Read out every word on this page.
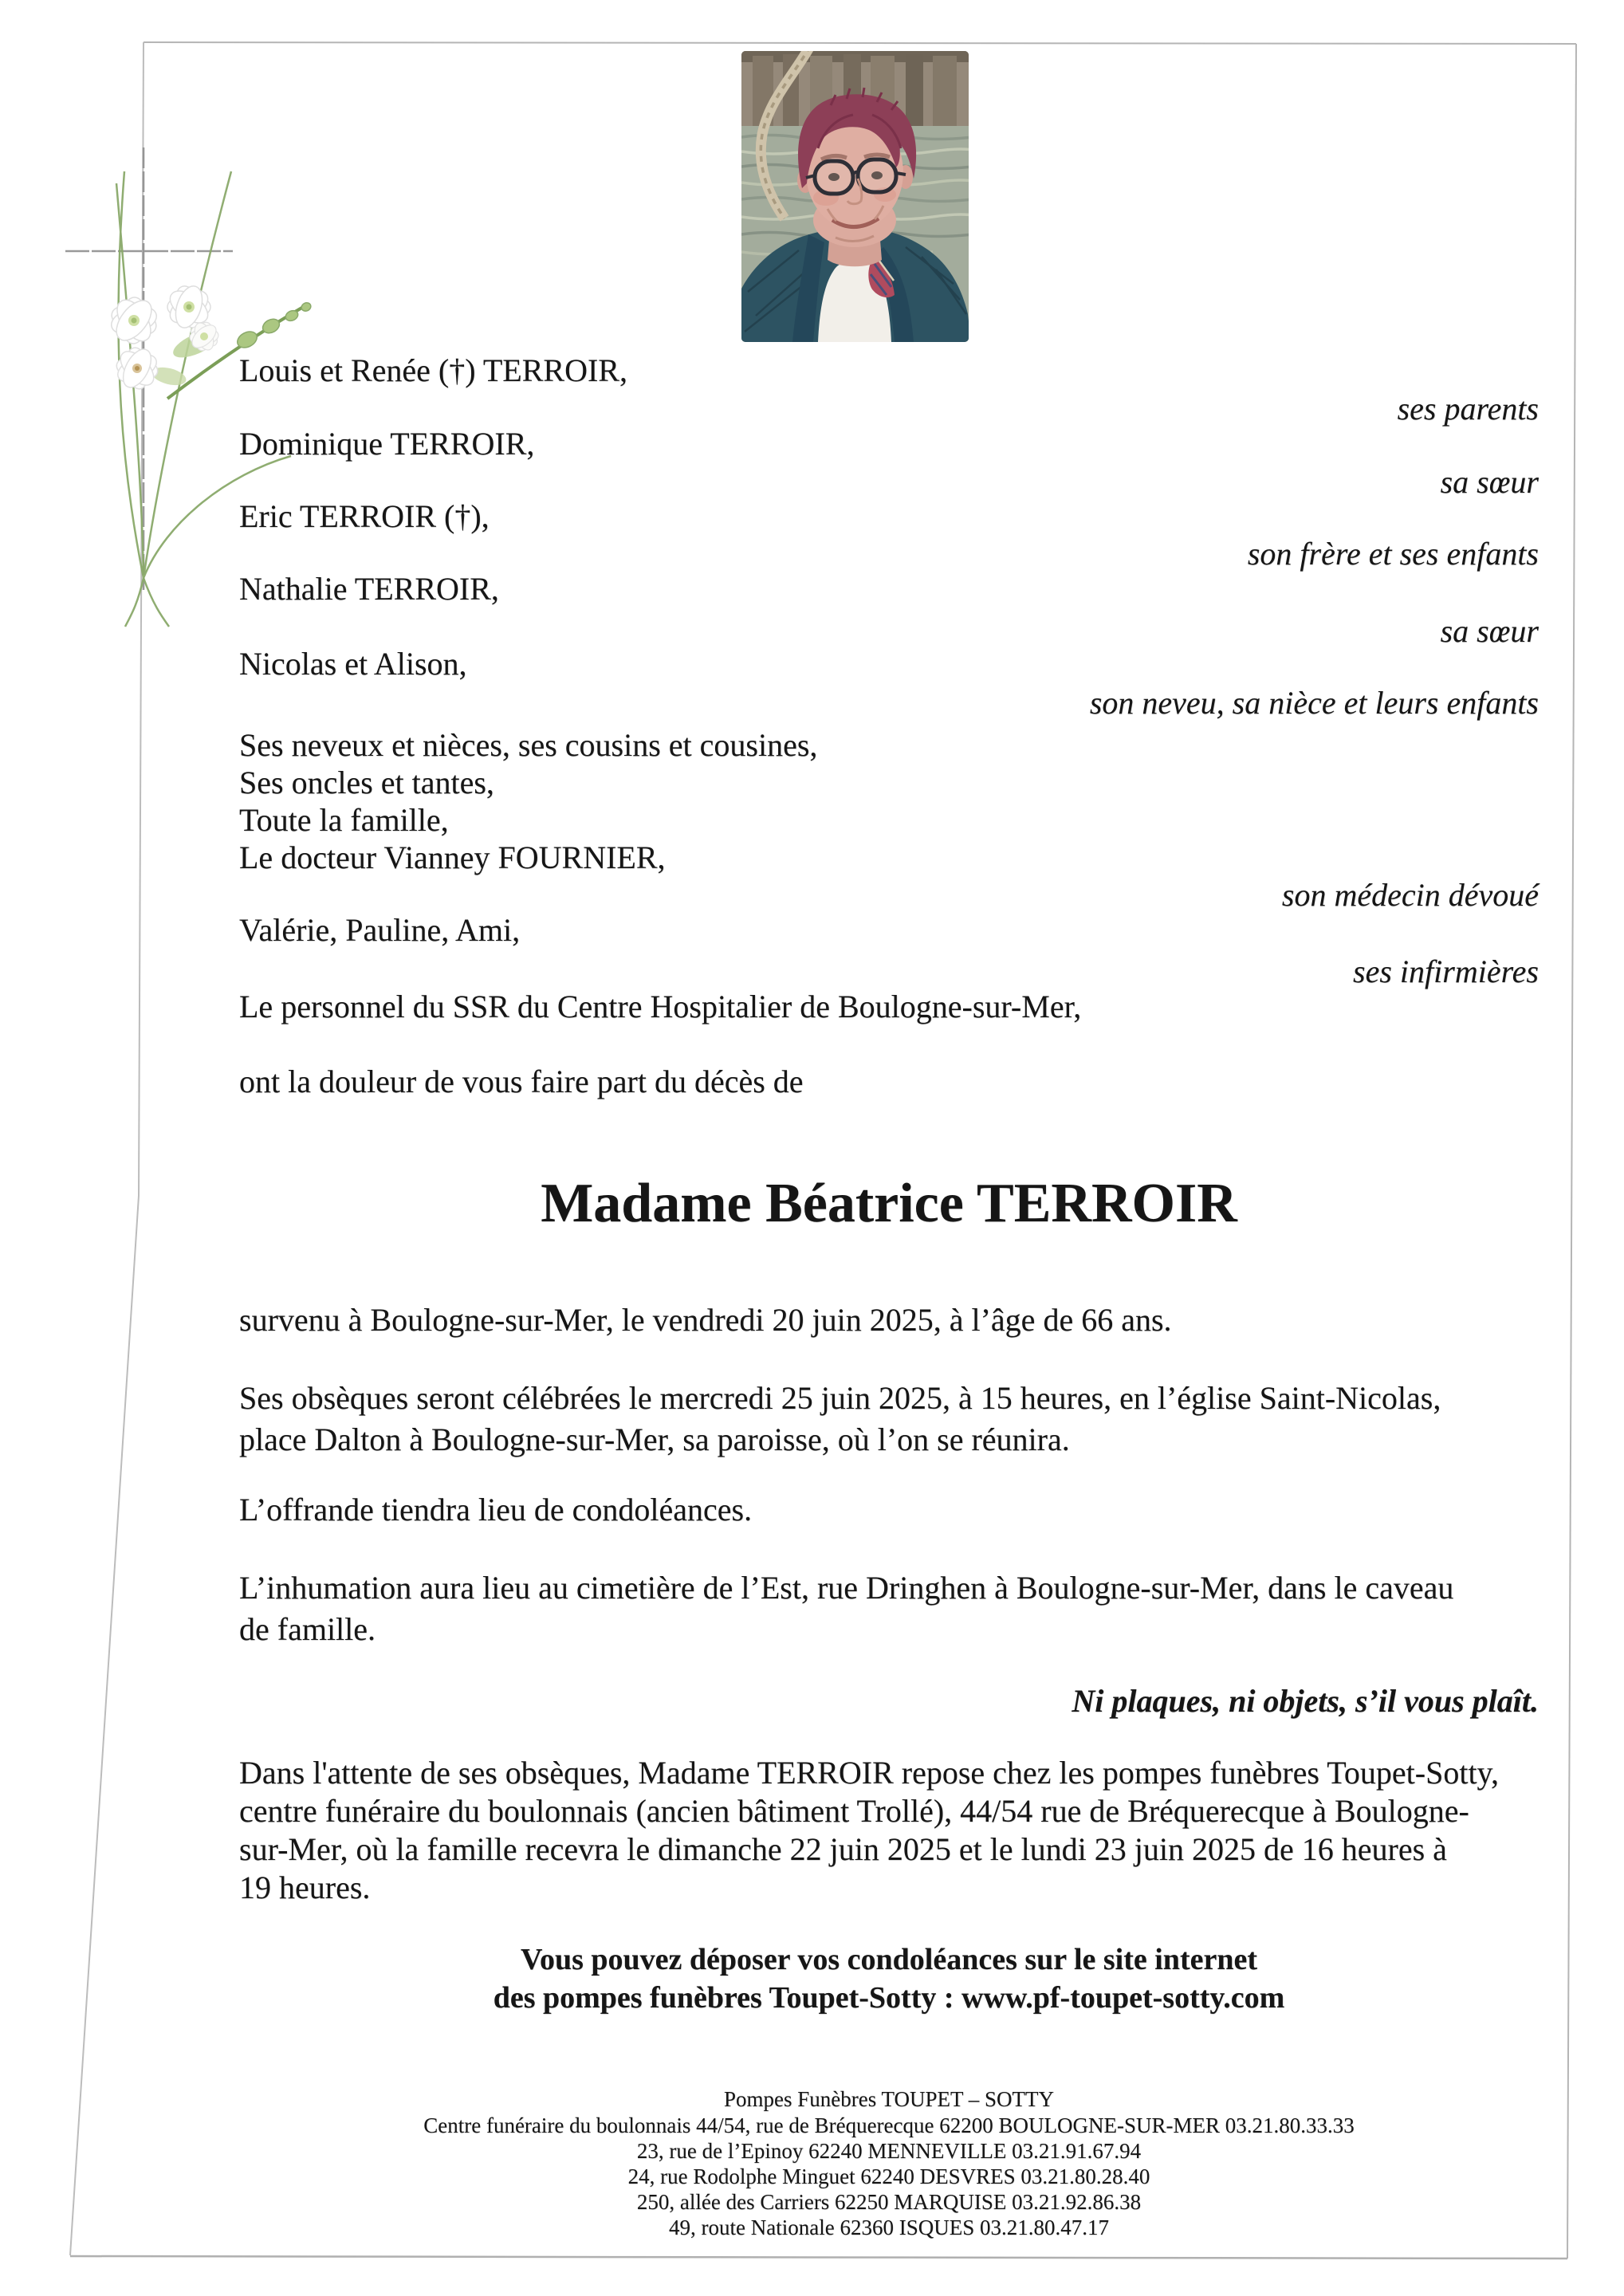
Louis et Renée (†) TERROIR,
ses parents
Dominique TERROIR,
sa sœur
Eric TERROIR (†),
son frère et ses enfants
Nathalie TERROIR,
sa sœur
Nicolas et Alison,
son neveu, sa nièce et leurs enfants
Ses neveux et nièces, ses cousins et cousines,
Ses oncles et tantes,
Toute la famille,
Le docteur Vianney FOURNIER,
son médecin dévoué
Valérie, Pauline, Ami,
ses infirmières
Le personnel du SSR du Centre Hospitalier de Boulogne-sur-Mer,
ont la douleur de vous faire part du décès de
Madame Béatrice TERROIR
survenu à Boulogne-sur-Mer, le vendredi 20 juin 2025, à l’âge de 66 ans.
Ses obsèques seront célébrées le mercredi 25 juin 2025, à 15 heures, en l’église Saint-Nicolas,
place Dalton à Boulogne-sur-Mer, sa paroisse, où l’on se réunira.
L’offrande tiendra lieu de condoléances.
L’inhumation aura lieu au cimetière de l’Est, rue Dringhen à Boulogne-sur-Mer, dans le caveau
de famille.
Ni plaques, ni objets, s’il vous plaît.
Dans l'attente de ses obsèques, Madame TERROIR repose chez les pompes funèbres Toupet-Sotty,
centre funéraire du boulonnais (ancien bâtiment Trollé), 44/54 rue de Bréquerecque à Boulogne-
sur-Mer, où la famille recevra le dimanche 22 juin 2025 et le lundi 23 juin 2025 de 16 heures à
19 heures.
Vous pouvez déposer vos condoléances sur le site internet
des pompes funèbres Toupet-Sotty : www.pf-toupet-sotty.com
Pompes Funèbres TOUPET – SOTTY
Centre funéraire du boulonnais 44/54, rue de Bréquerecque 62200 BOULOGNE-SUR-MER 03.21.80.33.33
23, rue de l’Epinoy 62240 MENNEVILLE 03.21.91.67.94
24, rue Rodolphe Minguet 62240 DESVRES 03.21.80.28.40
250, allée des Carriers 62250 MARQUISE 03.21.92.86.38
49, route Nationale 62360 ISQUES 03.21.80.47.17
